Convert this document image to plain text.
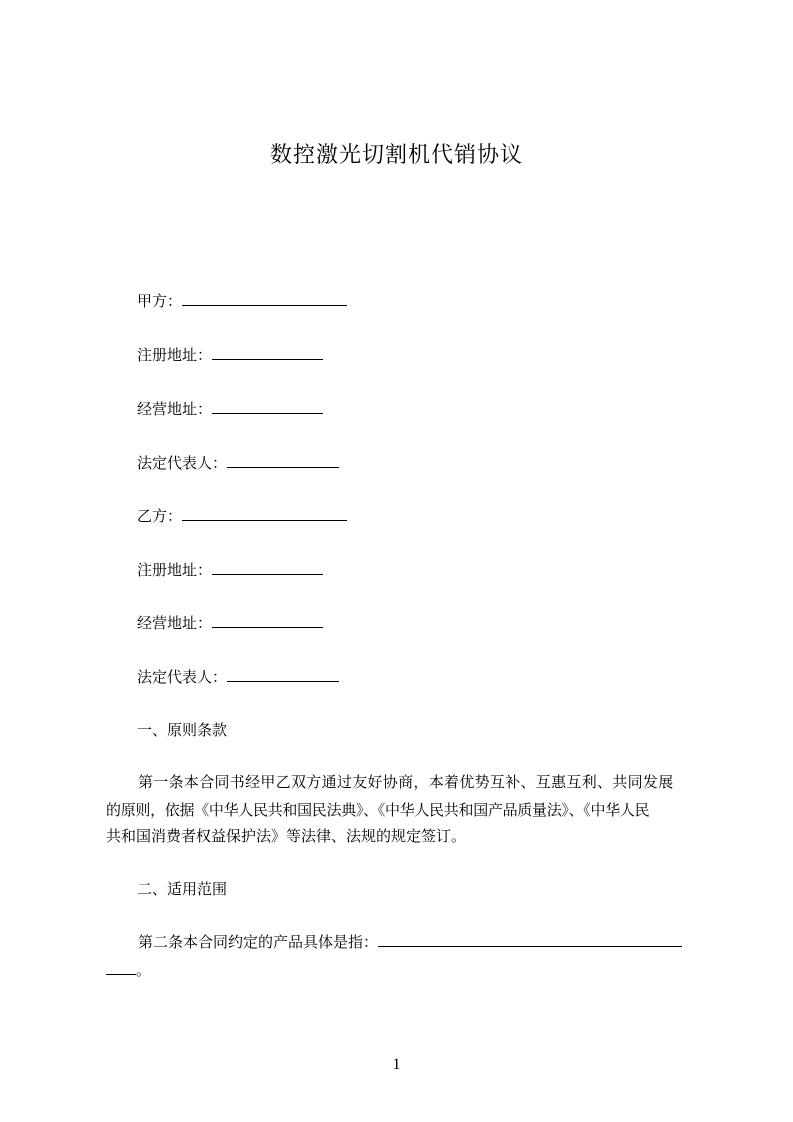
数控激光切割机代销协议
甲方：
注册地址：
经营地址：
法定代表人：
乙方：
注册地址：
经营地址：
法定代表人：
一、原则条款
第一条本合同书经甲乙双方通过友好协商，本着优势互补、互惠互利、共同发展
的原则，依据《中华人民共和国民法典》、《中华人民共和国产品质量法》、《中华人民
共和国消费者权益保护法》等法律、法规的规定签订。
二、适用范围
第二条本合同约定的产品具体是指：
。
1
